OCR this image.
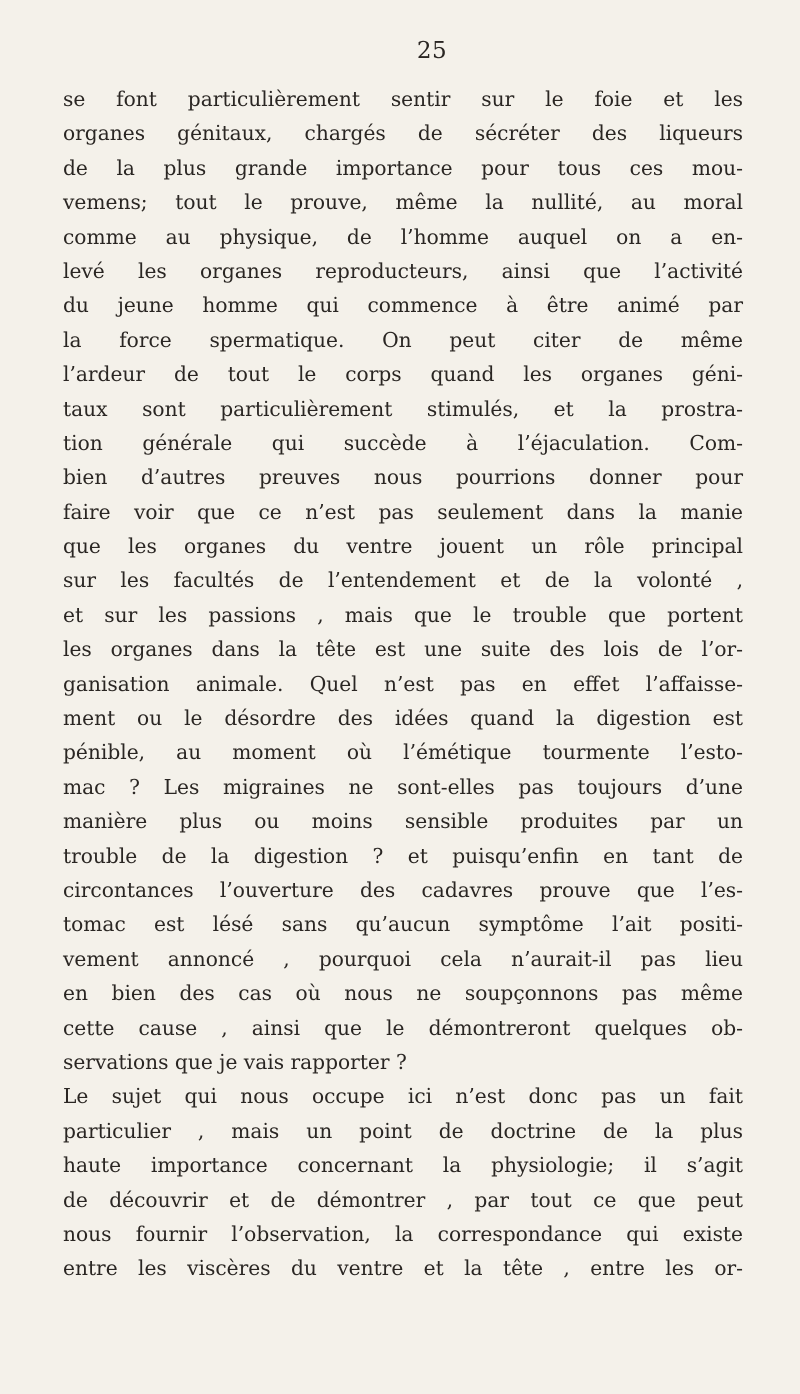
25
se font particulièrement sentir sur le foie et les
organes génitaux, chargés de sécréter des liqueurs
de la plus grande importance pour tous ces mou-
vemens; tout le prouve, même la nullité, au moral
comme au physique, de l’homme auquel on a en-
levé les organes reproducteurs, ainsi que l’activité
du jeune homme qui commence à être animé par
la force spermatique. On peut citer de même
l’ardeur de tout le corps quand les organes géni-
taux sont particulièrement stimulés, et la prostra-
tion générale qui succède à l’éjaculation. Com-
bien d’autres preuves nous pourrions donner pour
faire voir que ce n’est pas seulement dans la manie
que les organes du ventre jouent un rôle principal
sur les facultés de l’entendement et de la volonté ,
et sur les passions , mais que le trouble que portent
les organes dans la tête est une suite des lois de l’or-
ganisation animale. Quel n’est pas en effet l’affaisse-
ment ou le désordre des idées quand la digestion est
pénible, au moment où l’émétique tourmente l’esto-
mac ? Les migraines ne sont-elles pas toujours d’une
manière plus ou moins sensible produites par un
trouble de la digestion ? et puisqu’enfin en tant de
circontances l’ouverture des cadavres prouve que l’es-
tomac est lésé sans qu’aucun symptôme l’ait positi-
vement annoncé , pourquoi cela n’aurait-il pas lieu
en bien des cas où nous ne soupçonnons pas même
cette cause , ainsi que le démontreront quelques ob-
servations que je vais rapporter ?
Le sujet qui nous occupe ici n’est donc pas un fait
particulier , mais un point de doctrine de la plus
haute importance concernant la physiologie; il s’agit
de découvrir et de démontrer , par tout ce que peut
nous fournir l’observation, la correspondance qui existe
entre les viscères du ventre et la tête , entre les or-
